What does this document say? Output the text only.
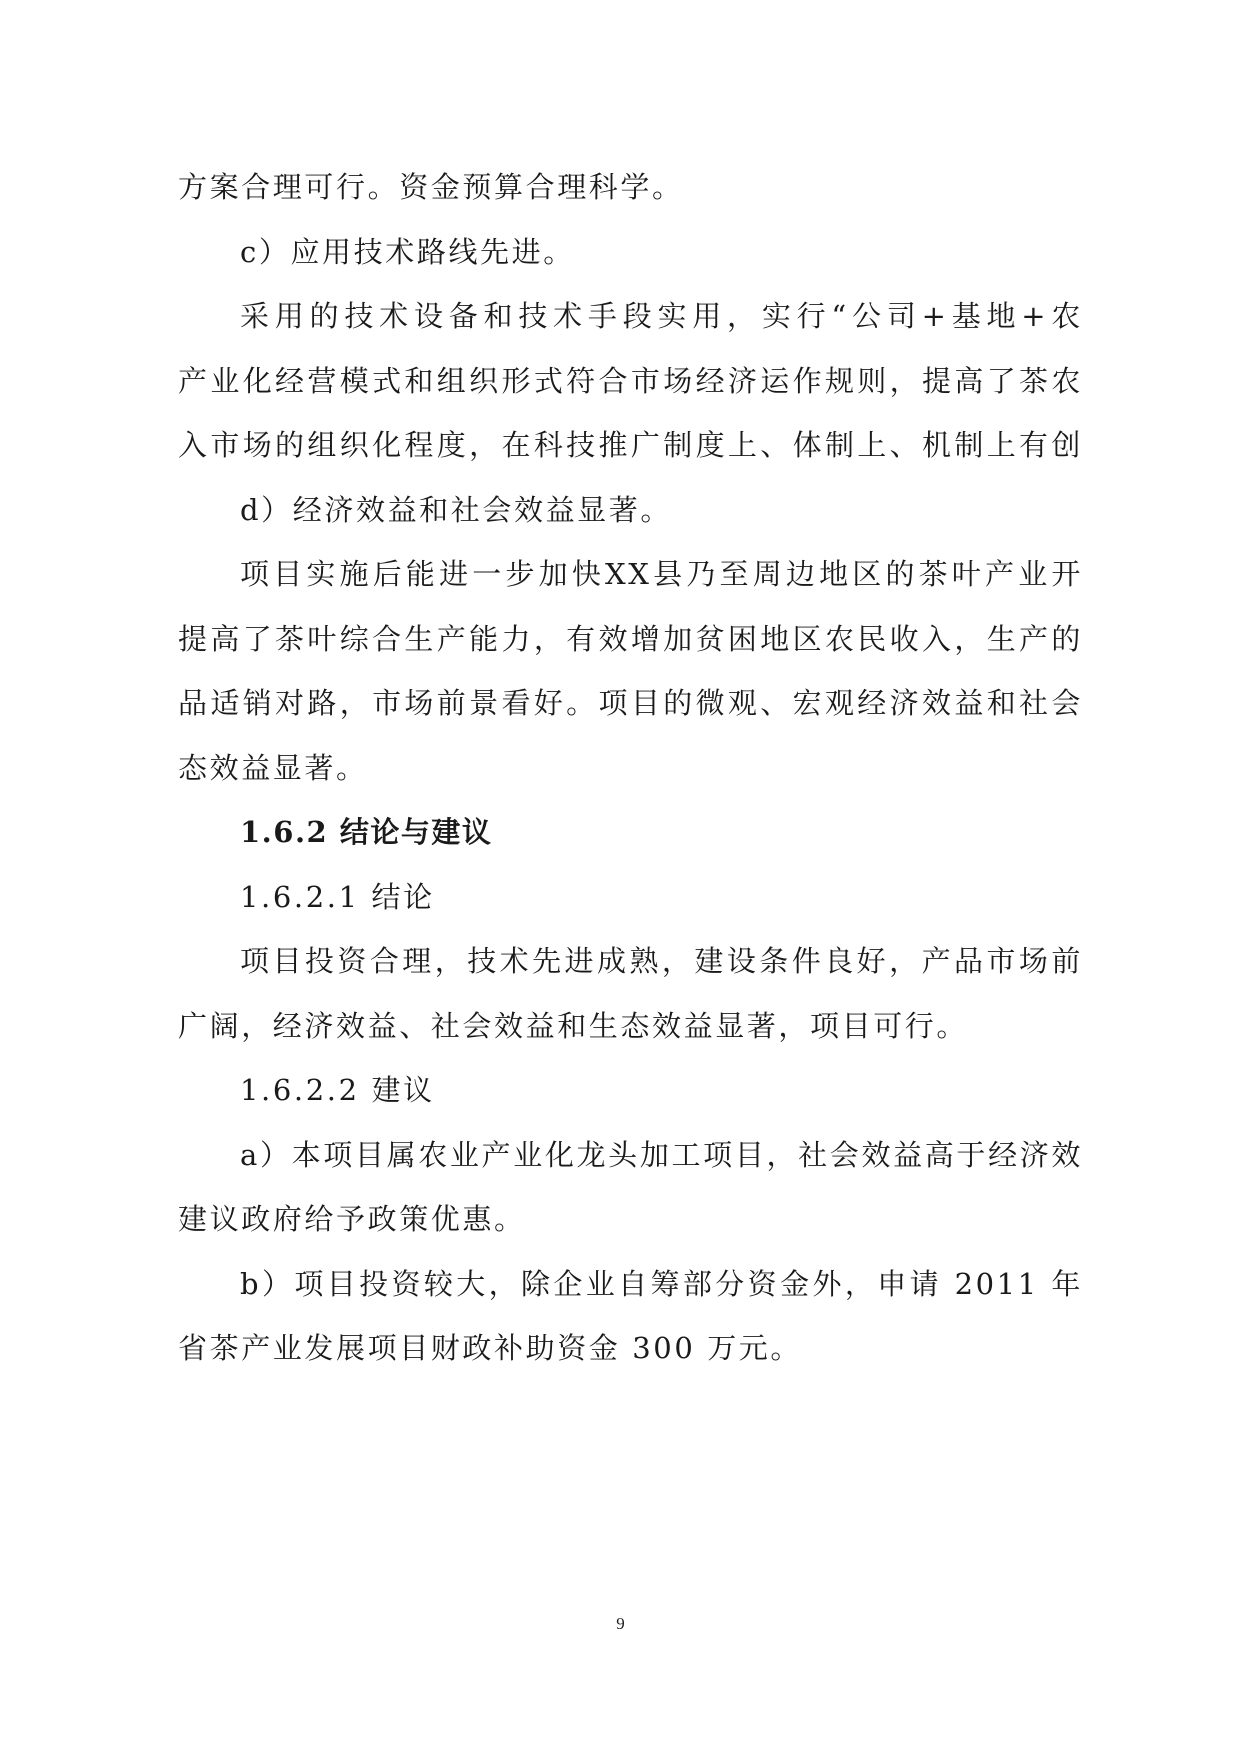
方案合理可行。资金预算合理科学。

c）应用技术路线先进。

采用的技术设备和技术手段实用，实行“公司+基地+农

产业化经营模式和组织形式符合市场经济运作规则，提高了茶农

入市场的组织化程度，在科技推广制度上、体制上、机制上有创

d）经济效益和社会效益显著。

项目实施后能进一步加快XX县乃至周边地区的茶叶产业开

提高了茶叶综合生产能力，有效增加贫困地区农民收入，生产的

品适销对路，市场前景看好。项目的微观、宏观经济效益和社会

态效益显著。

1.6.2 结论与建议

1.6.2.1 结论

项目投资合理，技术先进成熟，建设条件良好，产品市场前

广阔，经济效益、社会效益和生态效益显著，项目可行。

1.6.2.2 建议

a）本项目属农业产业化龙头加工项目，社会效益高于经济效

建议政府给予政策优惠。

b）项目投资较大，除企业自筹部分资金外，申请 2011 年

省茶产业发展项目财政补助资金 300 万元。

9
